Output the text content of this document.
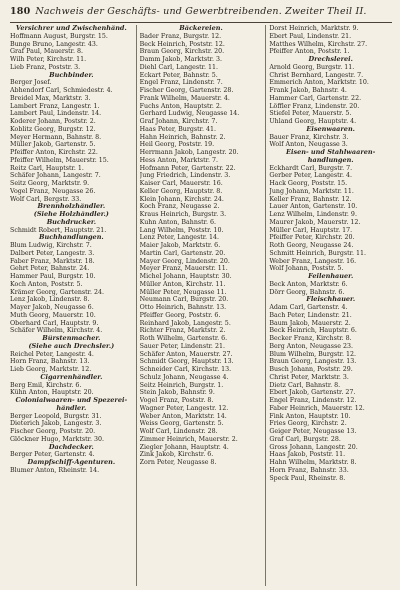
180 Nachweis der Geschäfts- und Gewerbtreibenden. Zweiter Theil II.
Versichrer und Zwischenhänd.
Hoffmann August, Burgstr. 15.
Bunge Bruno, Langestr. 43.
Graf Paul, Mauerstr. 8.
Wilh Peter, Kirchstr. 11.
Lieb Franz, Poststr. 3.
Buchbinder.
Berger Josef.
Abhendorf Carl, Schmiedestr. 4.
Breidel Max, Marktstr. 3.
Lambert Franz, Langestr. 1.
Lambert Paul, Lindenstr. 14.
Koderer Johann, Poststr. 2.
Koblitz Georg, Burgstr. 12.
Meyer Hermann, Bahnstr. 8.
Müller Jakob, Gartenstr. 5.
Pfeiffer Anton, Kirchstr. 22.
Pfeiffer Wilhelm, Mauerstr. 15.
Reitz Carl, Hauptstr. 1.
Schäfer Johann, Langestr. 7.
Seitz Georg, Marktstr. 9.
Vogel Franz, Neugasse 26.
Wolf Carl, Bergstr. 33.
Brennholzhändler.
(Siehe Holzhändler.)
Buchdrucker.
Schmidt Robert, Hauptstr. 21.
Buchhandlungen.
Blum Ludwig, Kirchstr. 7.
Dalbert Peter, Langestr. 3.
Faber Franz, Marktstr. 18.
Gehrt Peter, Bahnstr. 24.
Hammer Paul, Burgstr. 10.
Koch Anton, Poststr. 5.
Krämer Georg, Gartenstr. 24.
Lenz Jakob, Lindenstr. 8.
Mayer Jakob, Neugasse 6.
Muth Georg, Mauerstr. 10.
Oberhard Carl, Hauptstr. 9.
Schäfer Wilhelm, Kirchstr. 4.
Bürstenmacher.
(Siehe auch Drechsler.)
Reichel Peter, Langestr. 4.
Horn Franz, Bahnstr. 13.
Lieb Georg, Marktstr. 12.
Cigarrenhändler.
Berg Emil, Kirchstr. 6.
Kühn Anton, Hauptstr. 20.
Colonialwaaren- und Spezerei-
händler.
Berger Leopold, Burgstr. 31.
Dieterich Jakob, Langestr. 3.
Fischer Georg, Poststr. 20.
Glöckner Hugo, Marktstr. 30.
Dachdecker.
Berger Peter, Gartenstr. 4.
Dampfschiff-Agenturen.
Blumer Anton, Rheinstr. 14.
Bäckereien.
Bader Franz, Burgstr. 12.
Beck Heinrich, Poststr. 12.
Braun Georg, Kirchstr. 20.
Damm Jakob, Marktstr. 3.
Diehl Carl, Langestr. 11.
Eckart Peter, Bahnstr. 5.
Engel Franz, Lindenstr. 7.
Fischer Georg, Gartenstr. 28.
Frank Wilhelm, Mauerstr. 4.
Fuchs Anton, Hauptstr. 2.
Gerhard Ludwig, Neugasse 14.
Graf Johann, Kirchstr. 7.
Haas Peter, Burgstr. 41.
Hahn Heinrich, Bahnstr. 2.
Heil Georg, Poststr. 19.
Herrmann Jakob, Langestr. 20.
Hess Anton, Marktstr. 7.
Hofmann Peter, Gartenstr. 22.
Jung Friedrich, Lindenstr. 3.
Kaiser Carl, Mauerstr. 16.
Keller Georg, Hauptstr. 8.
Klein Johann, Kirchstr. 24.
Koch Franz, Neugasse 2.
Kraus Heinrich, Burgstr. 3.
Kuhn Anton, Bahnstr. 6.
Lang Wilhelm, Poststr. 10.
Lenz Peter, Langestr. 14.
Maier Jakob, Marktstr. 6.
Martin Carl, Gartenstr. 20.
Mayer Georg, Lindenstr. 20.
Meyer Franz, Mauerstr. 11.
Michel Johann, Hauptstr. 30.
Müller Anton, Kirchstr. 11.
Müller Peter, Neugasse 11.
Neumann Carl, Burgstr. 20.
Otto Heinrich, Bahnstr. 13.
Pfeiffer Georg, Poststr. 6.
Reinhard Jakob, Langestr. 5.
Richter Franz, Marktstr. 2.
Roth Wilhelm, Gartenstr. 6.
Sauer Peter, Lindenstr. 21.
Schäfer Anton, Mauerstr. 27.
Schmidt Georg, Hauptstr. 13.
Schneider Carl, Kirchstr. 13.
Schulz Johann, Neugasse 4.
Seitz Heinrich, Burgstr. 1.
Stein Jakob, Bahnstr. 9.
Vogel Franz, Poststr. 8.
Wagner Peter, Langestr. 12.
Weber Anton, Marktstr. 14.
Weiss Georg, Gartenstr. 5.
Wolf Carl, Lindenstr. 28.
Zimmer Heinrich, Mauerstr. 2.
Ziegler Johann, Hauptstr. 4.
Zink Jakob, Kirchstr. 6.
Zorn Peter, Neugasse 8.
Dorst Heinrich, Marktstr. 9.
Ebert Paul, Lindenstr. 21.
Matthes Wilhelm, Kirchstr. 27.
Pfeiffer Anton, Poststr. 1.
Drechslerei.
Arnold Georg, Burgstr. 11.
Christ Bernhard, Langestr. 7.
Emmerich Anton, Marktstr. 10.
Frank Jakob, Bahnstr. 4.
Hammer Carl, Gartenstr. 22.
Löffler Franz, Lindenstr. 20.
Stiefel Peter, Mauerstr. 5.
Uhland Georg, Hauptstr. 4.
Eisenwaaren.
Bauer Franz, Kirchstr. 3.
Wolf Anton, Neugasse 3.
Eisen- und Stahlwaaren-
handlungen.
Eckhardt Carl, Burgstr. 7.
Gerber Peter, Langestr. 4.
Hack Georg, Poststr. 15.
Jung Johann, Marktstr. 11.
Keller Franz, Bahnstr. 12.
Lauer Anton, Gartenstr. 10.
Lenz Wilhelm, Lindenstr. 9.
Maurer Jakob, Mauerstr. 12.
Müller Carl, Hauptstr. 17.
Pfeiffer Peter, Kirchstr. 20.
Roth Georg, Neugasse 24.
Schmitt Heinrich, Burgstr. 11.
Weber Franz, Langestr. 16.
Wolf Johann, Poststr. 5.
Feilenhauer.
Beck Anton, Marktstr. 6.
Dörr Georg, Bahnstr. 6.
Fleischhauer.
Adam Carl, Gartenstr. 4.
Bach Peter, Lindenstr. 21.
Baum Jakob, Mauerstr. 2.
Beck Heinrich, Hauptstr. 6.
Becker Franz, Kirchstr. 8.
Berg Anton, Neugasse 23.
Blum Wilhelm, Burgstr. 12.
Braun Georg, Langestr. 13.
Busch Johann, Poststr. 29.
Christ Peter, Marktstr. 3.
Dietz Carl, Bahnstr. 8.
Ebert Jakob, Gartenstr. 27.
Engel Franz, Lindenstr. 12.
Faber Heinrich, Mauerstr. 12.
Fink Anton, Hauptstr. 10.
Fries Georg, Kirchstr. 2.
Geiger Peter, Neugasse 13.
Graf Carl, Burgstr. 28.
Gross Johann, Langestr. 20.
Haas Jakob, Poststr. 11.
Hahn Wilhelm, Marktstr. 8.
Horn Franz, Bahnstr. 33.
Speck Paul, Rheinstr. 8.
